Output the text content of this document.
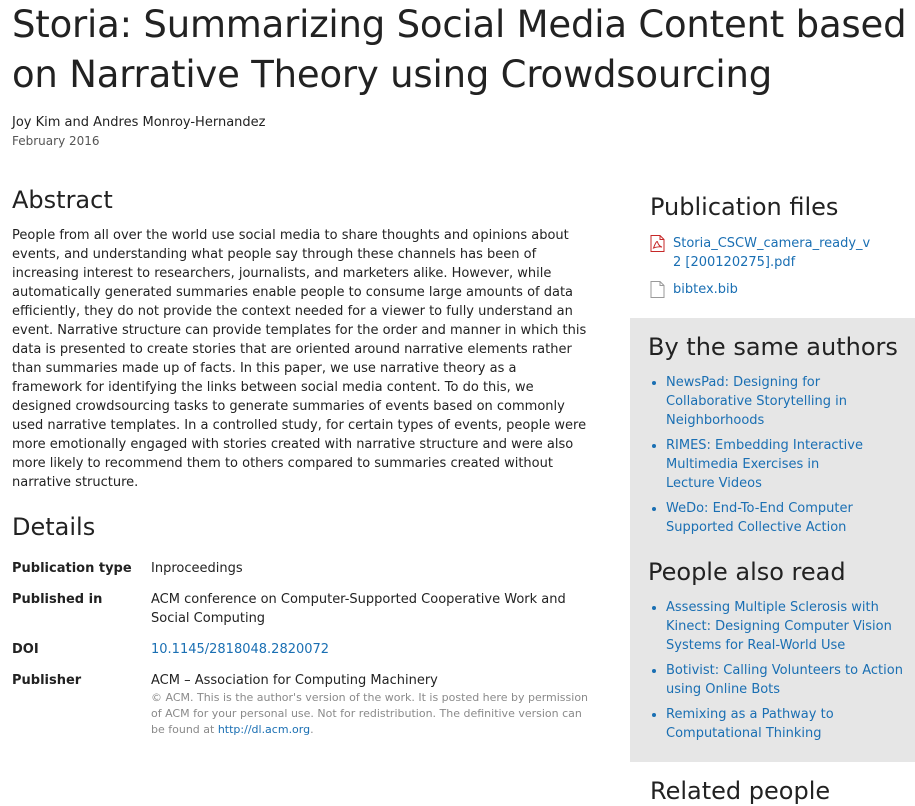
Storia: Summarizing Social Media Content based on Narrative Theory using Crowdsourcing
Joy Kim and Andres Monroy-Hernandez
February 2016
Abstract

People from all over the world use social media to share thoughts and opinions about events, and understanding what people say through these channels has been of increasing interest to researchers, journalists, and marketers alike. However, while automatically generated summaries enable people to consume large amounts of data efficiently, they do not provide the context needed for a viewer to fully understand an event. Narrative structure can provide templates for the order and manner in which this data is presented to create stories that are oriented around narrative elements rather than summaries made up of facts. In this paper, we use narrative theory as a framework for identifying the links between social media content. To do this, we designed crowdsourcing tasks to generate summaries of events based on commonly used narrative templates. In a controlled study, for certain types of events, people were more emotionally engaged with stories created with narrative structure and were also more likely to recommend them to others compared to summaries created without narrative structure.

Details
Publication type	Inproceedings
Published in	ACM conference on Computer-Supported Cooperative Work and Social Computing
DOI	10.1145/2818048.2820072
Publisher	ACM – Association for Computing Machinery
© ACM. This is the author's version of the work. It is posted here by permission of ACM for your personal use. Not for redistribution. The definitive version can be found at http://dl.acm.org.
Publication files
Storia_CSCW_camera_ready_v2 [200120275].pdf
bibtex.bib
By the same authors
• NewsPad: Designing for Collaborative Storytelling in Neighborhoods
• RIMES: Embedding Interactive Multimedia Exercises in Lecture Videos
• WeDo: End-To-End Computer Supported Collective Action
People also read
• Assessing Multiple Sclerosis with Kinect: Designing Computer Vision Systems for Real-World Use
• Botivist: Calling Volunteers to Action using Online Bots
• Remixing as a Pathway to Computational Thinking
Related people
